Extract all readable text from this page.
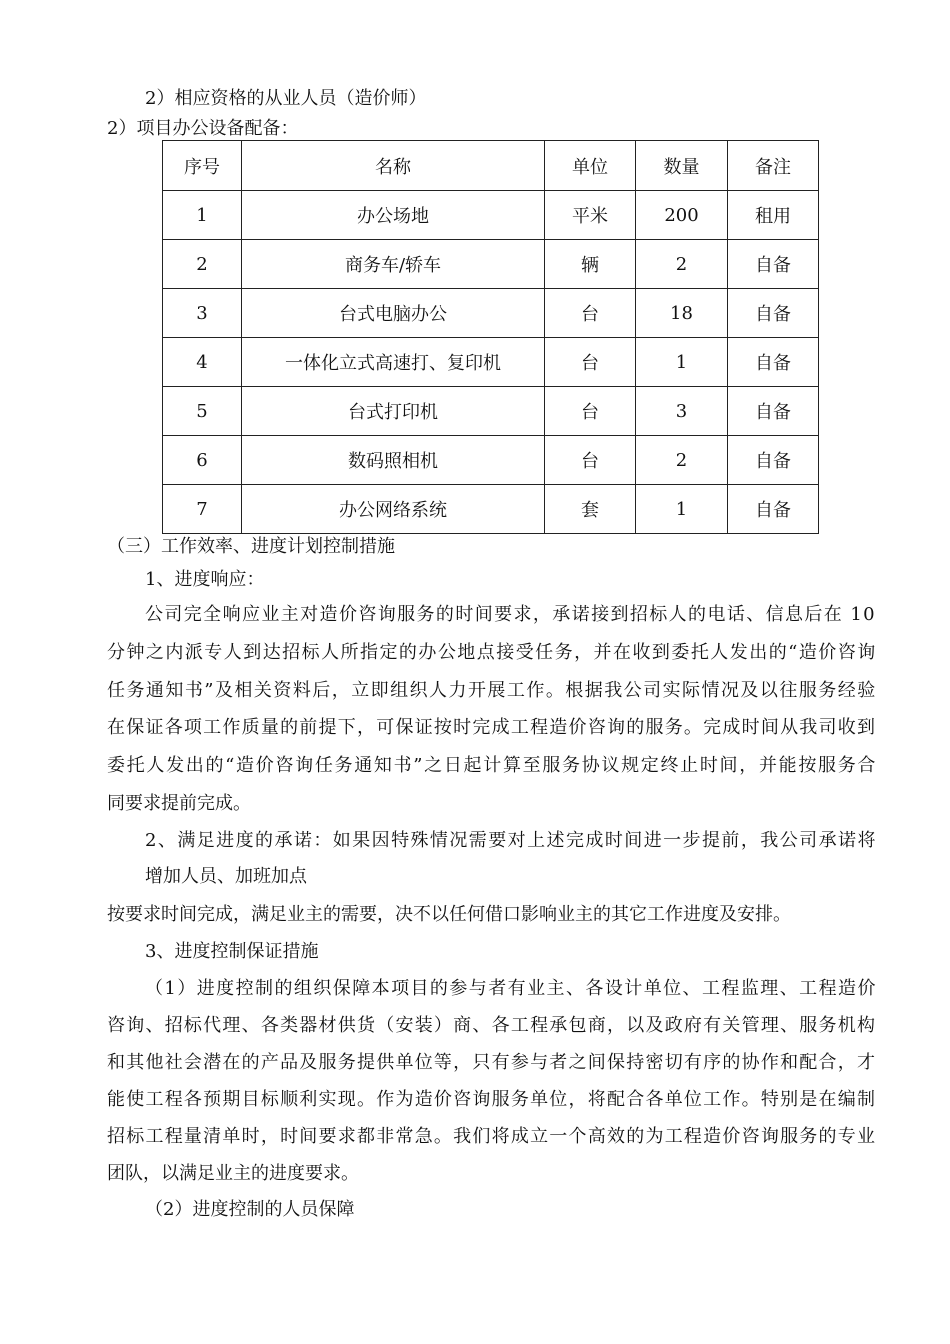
2）相应资格的从业人员（造价师）
2）项目办公设备配备：
序号	名称	单位	数量	备注
1	办公场地	平米	200	租用
2	商务车/轿车	辆	2	自备
3	台式电脑办公	台	18	自备
4	一体化立式高速打、复印机	台	1	自备
5	台式打印机	台	3	自备
6	数码照相机	台	2	自备
7	办公网络系统	套	1	自备
（三）工作效率、进度计划控制措施
1、进度响应：
公司完全响应业主对造价咨询服务的时间要求，承诺接到招标人的电话、信息后在 10
分钟之内派专人到达招标人所指定的办公地点接受任务，并在收到委托人发出的“造价咨询
任务通知书”及相关资料后，立即组织人力开展工作。根据我公司实际情况及以往服务经验
在保证各项工作质量的前提下，可保证按时完成工程造价咨询的服务。完成时间从我司收到
委托人发出的“造价咨询任务通知书”之日起计算至服务协议规定终止时间，并能按服务合
同要求提前完成。
2、满足进度的承诺：如果因特殊情况需要对上述完成时间进一步提前，我公司承诺将
增加人员、加班加点
按要求时间完成，满足业主的需要，决不以任何借口影响业主的其它工作进度及安排。
3、进度控制保证措施
（1）进度控制的组织保障本项目的参与者有业主、各设计单位、工程监理、工程造价
咨询、招标代理、各类器材供货（安装）商、各工程承包商，以及政府有关管理、服务机构
和其他社会潜在的产品及服务提供单位等，只有参与者之间保持密切有序的协作和配合，才
能使工程各预期目标顺利实现。作为造价咨询服务单位，将配合各单位工作。特别是在编制
招标工程量清单时，时间要求都非常急。我们将成立一个高效的为工程造价咨询服务的专业
团队，以满足业主的进度要求。
（2）进度控制的人员保障
